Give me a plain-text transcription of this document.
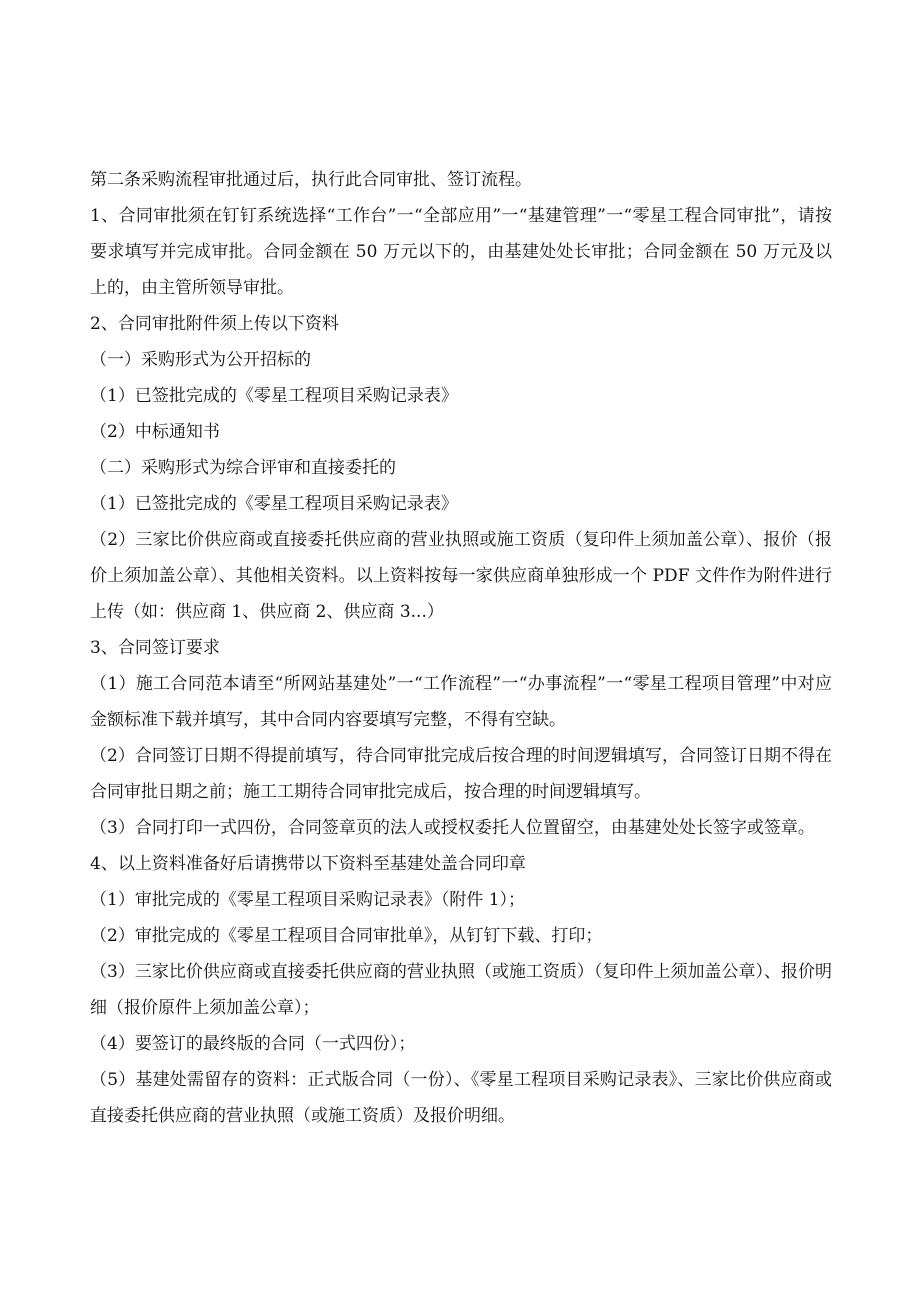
第二条采购流程审批通过后，执行此合同审批、签订流程。

1、合同审批须在钉钉系统选择“工作台”一“全部应用”一“基建管理”一“零星工程合同审批”，请按要求填写并完成审批。合同金额在 50 万元以下的，由基建处处长审批；合同金额在 50 万元及以上的，由主管所领导审批。

2、合同审批附件须上传以下资料

（一）采购形式为公开招标的

（1）已签批完成的《零星工程项目采购记录表》

（2）中标通知书

（二）采购形式为综合评审和直接委托的

（1）已签批完成的《零星工程项目采购记录表》

（2）三家比价供应商或直接委托供应商的营业执照或施工资质（复印件上须加盖公章）、报价（报价上须加盖公章）、其他相关资料。以上资料按每一家供应商单独形成一个 PDF 文件作为附件进行上传（如：供应商 1、供应商 2、供应商 3...）

3、合同签订要求

（1）施工合同范本请至“所网站基建处”一“工作流程”一“办事流程”一“零星工程项目管理”中对应金额标准下载并填写，其中合同内容要填写完整，不得有空缺。

（2）合同签订日期不得提前填写，待合同审批完成后按合理的时间逻辑填写，合同签订日期不得在合同审批日期之前；施工工期待合同审批完成后，按合理的时间逻辑填写。

（3）合同打印一式四份，合同签章页的法人或授权委托人位置留空，由基建处处长签字或签章。

4、以上资料准备好后请携带以下资料至基建处盖合同印章

（1）审批完成的《零星工程项目采购记录表》（附件 1）；

（2）审批完成的《零星工程项目合同审批单》，从钉钉下载、打印；

（3）三家比价供应商或直接委托供应商的营业执照（或施工资质）（复印件上须加盖公章）、报价明细（报价原件上须加盖公章）；

（4）要签订的最终版的合同（一式四份）；

（5）基建处需留存的资料：正式版合同（一份）、《零星工程项目采购记录表》、三家比价供应商或直接委托供应商的营业执照（或施工资质）及报价明细。
